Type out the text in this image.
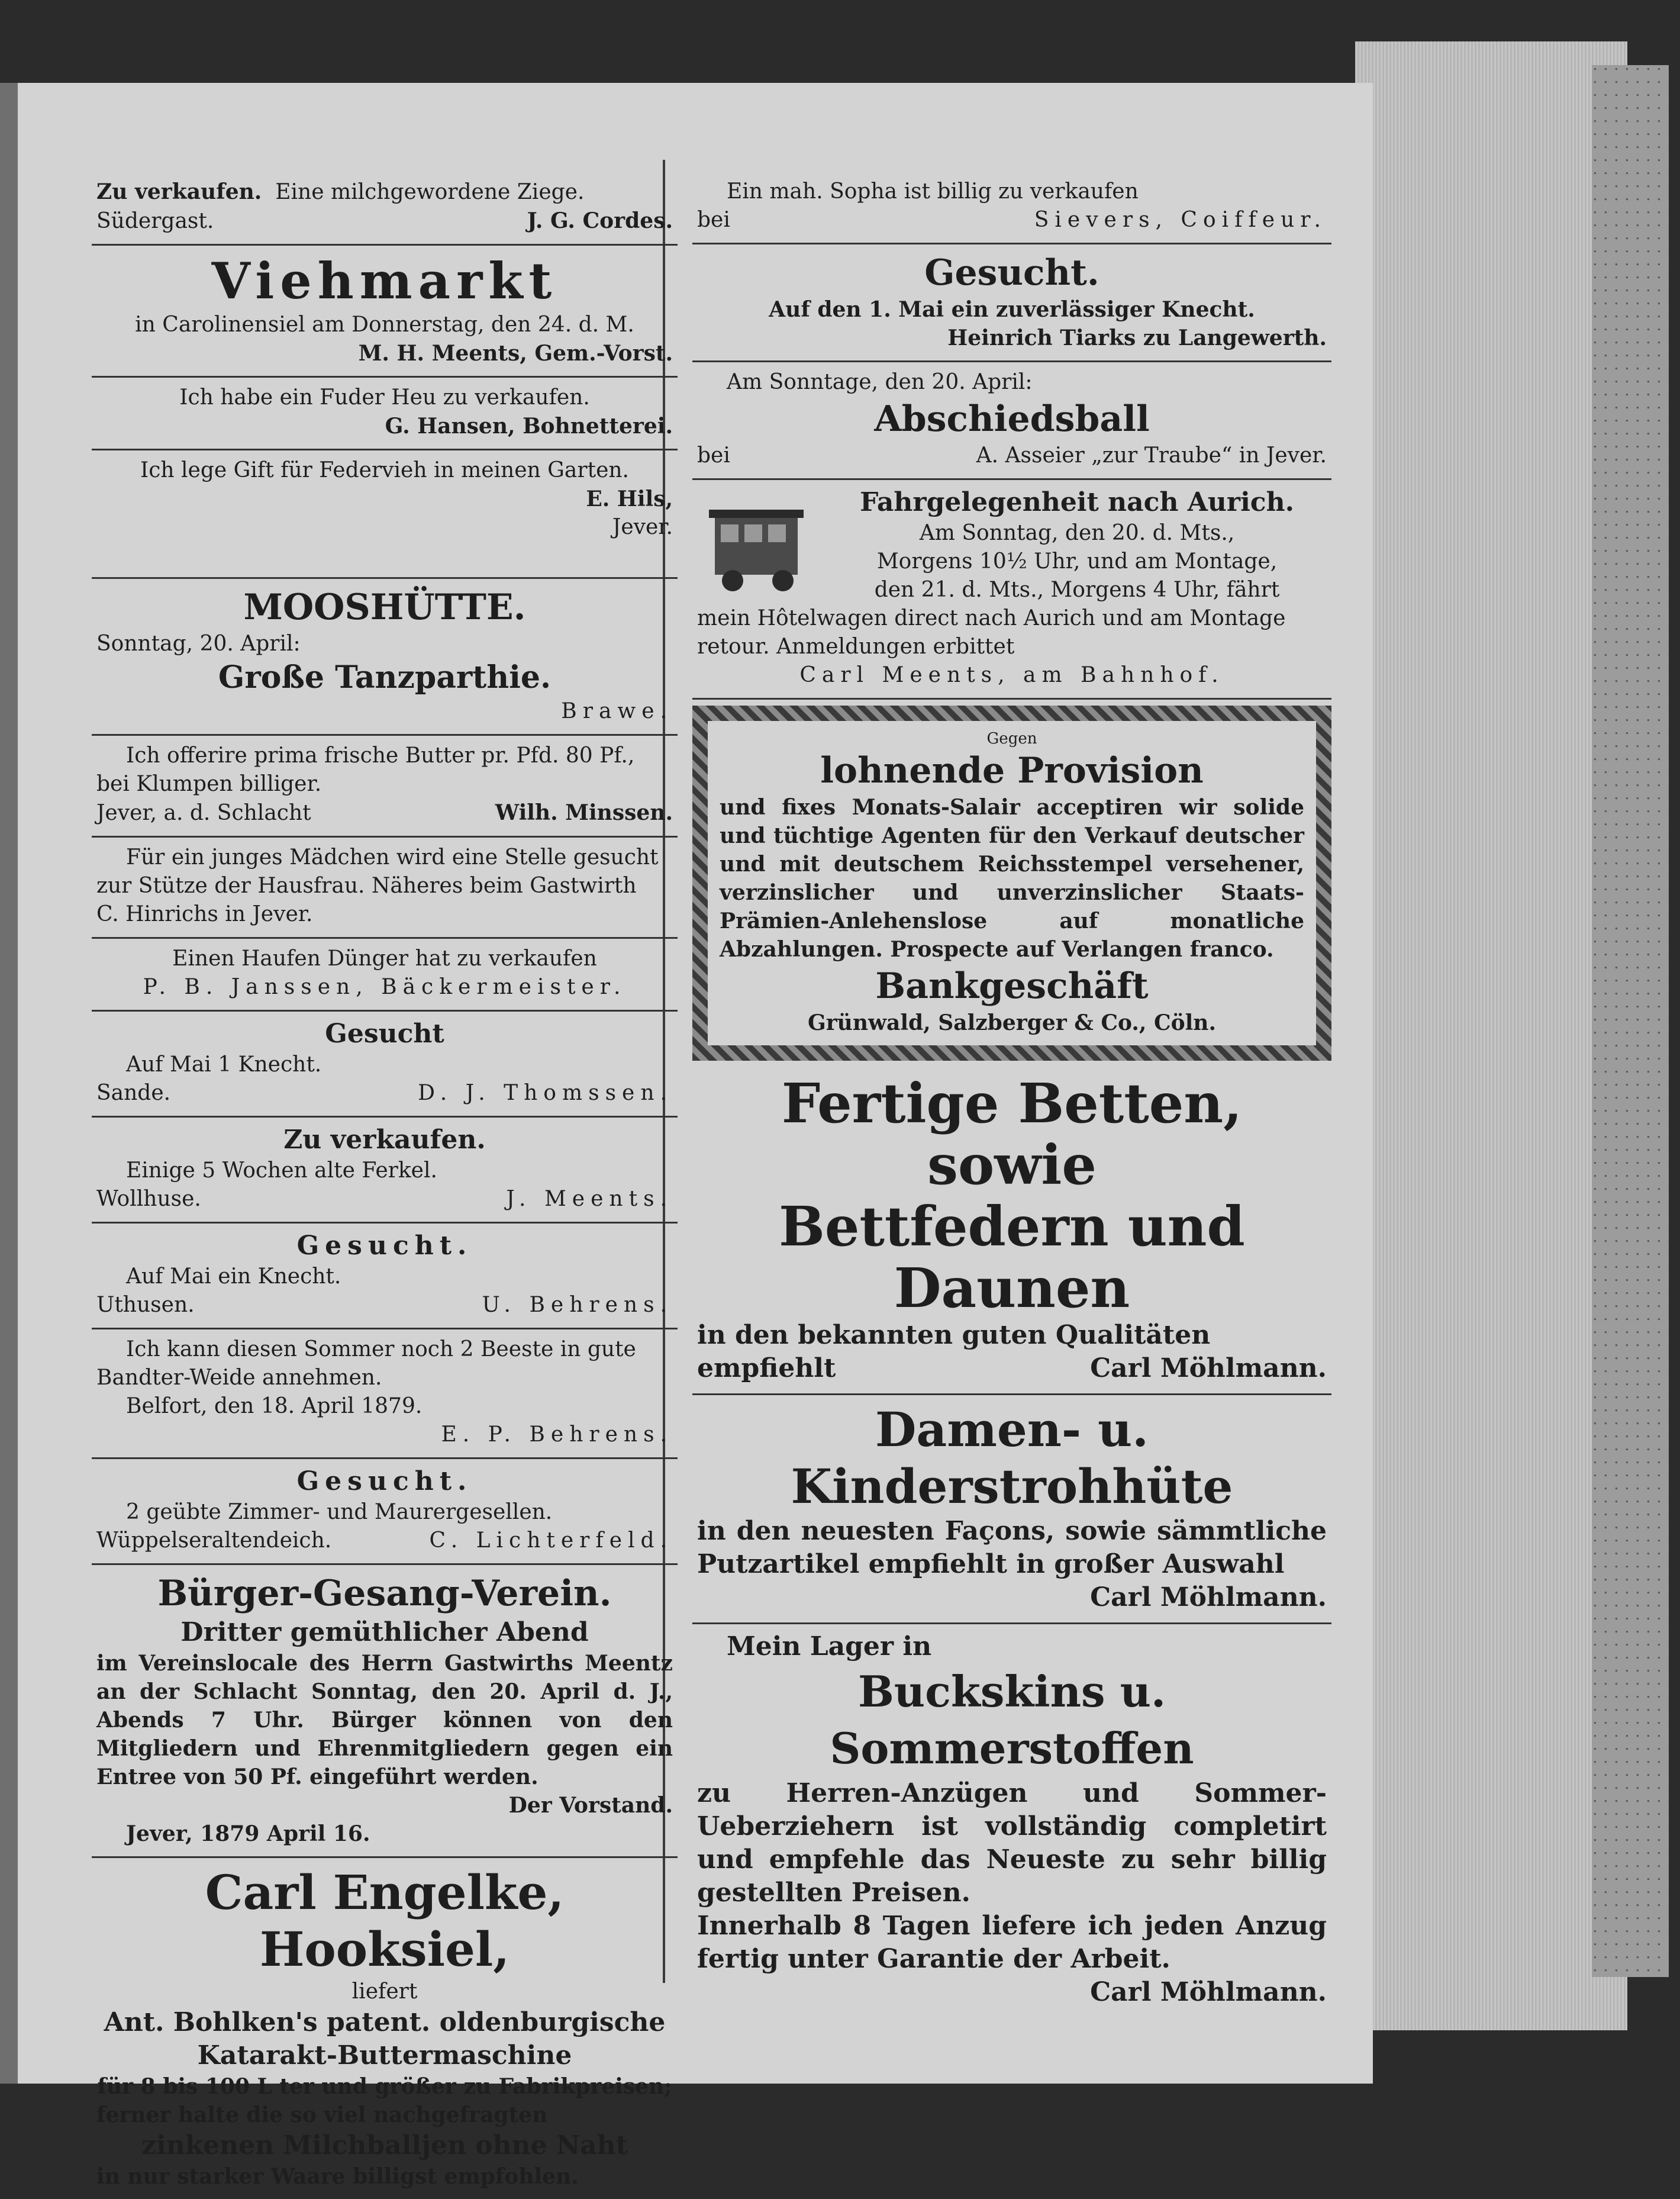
Zu verkaufen. Eine milchgewordene Ziege.
Südergast.	J. G. Cordes.
Viehmarkt
in Carolinensiel am Donnerstag, den 24. d. M.
M. H. Meents, Gem.-Vorst.
Ich habe ein Fuder Heu zu verkaufen.
G. Hansen, Bohnetterei.
Ich lege Gift für Federvieh in meinen Garten.
E. Hils,
Jever.
MOOSHÜTTE.
Sonntag, 20. April:
Große Tanzparthie.
Brawe.
Ich offerire prima frische Butter pr. Pfd. 80 Pf.,
bei Klumpen billiger.
Jever, a. d. Schlacht	Wilh. Minssen.
Für ein junges Mädchen wird eine Stelle gesucht
zur Stütze der Hausfrau. Näheres beim Gastwirth
C. Hinrichs in Jever.
Einen Haufen Dünger hat zu verkaufen
P. B. Janssen, Bäckermeister.
Gesucht
Auf Mai 1 Knecht.
Sande.	D. J. Thomssen.
Zu verkaufen.
Einige 5 Wochen alte Ferkel.
Wollhuse.	J. Meents.
Gesucht.
Auf Mai ein Knecht.
Uthusen.	U. Behrens.
Ich kann diesen Sommer noch 2 Beeste in gute
Bandter-Weide annehmen.
Belfort, den 18. April 1879.
E. P. Behrens.
Gesucht.
2 geübte Zimmer- und Maurergesellen.
Wüppelseraltendeich.	C. Lichterfeld.
Bürger-Gesang-Verein.
Dritter gemüthlicher Abend
im Vereinslocale des Herrn Gastwirths Meentz an der Schlacht Sonntag, den 20. April d. J., Abends 7 Uhr. Bürger können von den Mitgliedern und Ehrenmitgliedern gegen ein Entree von 50 Pf. eingeführt werden.
Der Vorstand.
Jever, 1879 April 16.
Carl Engelke, Hooksiel,
liefert
Ant. Bohlken's patent. oldenburgische
Katarakt-Buttermaschine
für 8 bis 100 L ter und größer zu Fabrikpreisen;
ferner halte die so viel nachgefragten
zinkenen Milchballjen ohne Naht
in nur starker Waare billigst empfohlen.
Ein mah. Sopha ist billig zu verkaufen
bei	Sievers, Coiffeur.
Gesucht.
Auf den 1. Mai ein zuverlässiger Knecht.
Heinrich Tiarks zu Langewerth.
Am Sonntage, den 20. April:
Abschiedsball
bei	A. Asseier „zur Traube“ in Jever.
Fahrgelegenheit nach Aurich.
Am Sonntag, den 20. d. Mts.,
Morgens 10½ Uhr, und am Montage,
den 21. d. Mts., Morgens 4 Uhr, fährt
mein Hôtelwagen direct nach Aurich und am Montage
retour. Anmeldungen erbittet
Carl Meents, am Bahnhof.
Gegen
lohnende Provision
und fixes Monats-Salair acceptiren wir solide und tüchtige Agenten für den Verkauf deutscher und mit deutschem Reichsstempel versehener, verzinslicher und unverzinslicher Staats-Prämien-Anlehenslose auf monatliche Abzahlungen. Prospecte auf Verlangen franco.
Bankgeschäft
Grünwald, Salzberger & Co., Cöln.
Fertige Betten, sowie
Bettfedern und Daunen
in den bekannten guten Qualitäten
empfiehlt	Carl Möhlmann.
Damen- u. Kinderstrohhüte
in den neuesten Façons, sowie sämmtliche Putzartikel empfiehlt in großer Auswahl
Carl Möhlmann.
Mein Lager in
Buckskins u. Sommerstoffen
zu Herren-Anzügen und Sommer-Ueberziehern ist vollständig completirt und empfehle das Neueste zu sehr billig gestellten Preisen.
Innerhalb 8 Tagen liefere ich jeden Anzug fertig unter Garantie der Arbeit.
Carl Möhlmann.
